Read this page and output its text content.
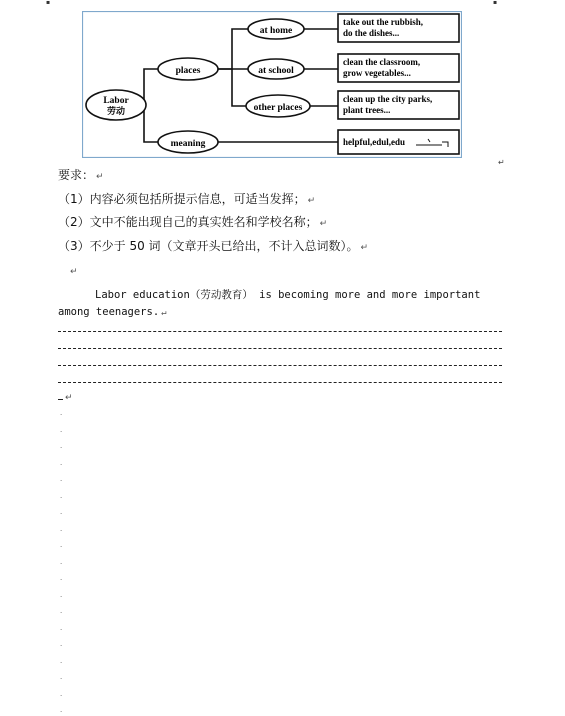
▪	▪
Labor
劳动
places
meaning
at home
at school
other places
take out the rubbish,
do the dishes...
clean the classroom,
grow vegetables...
clean up the city parks,
plant trees...
helpful,edul,edu
↵
要求： ↵
（1）内容必须包括所提示信息，可适当发挥； ↵
（2）文中不能出现自己的真实姓名和学校名称； ↵
（3）不少于 50 词（文章开头已给出，不计入总词数）。 ↵
↵
Labor education（劳动教育） is becoming more and more important
among teenagers. ↵
↵
·
·
·
·
·
·
·
·
·
·
·
·
·
·
·
·
·
·
·
